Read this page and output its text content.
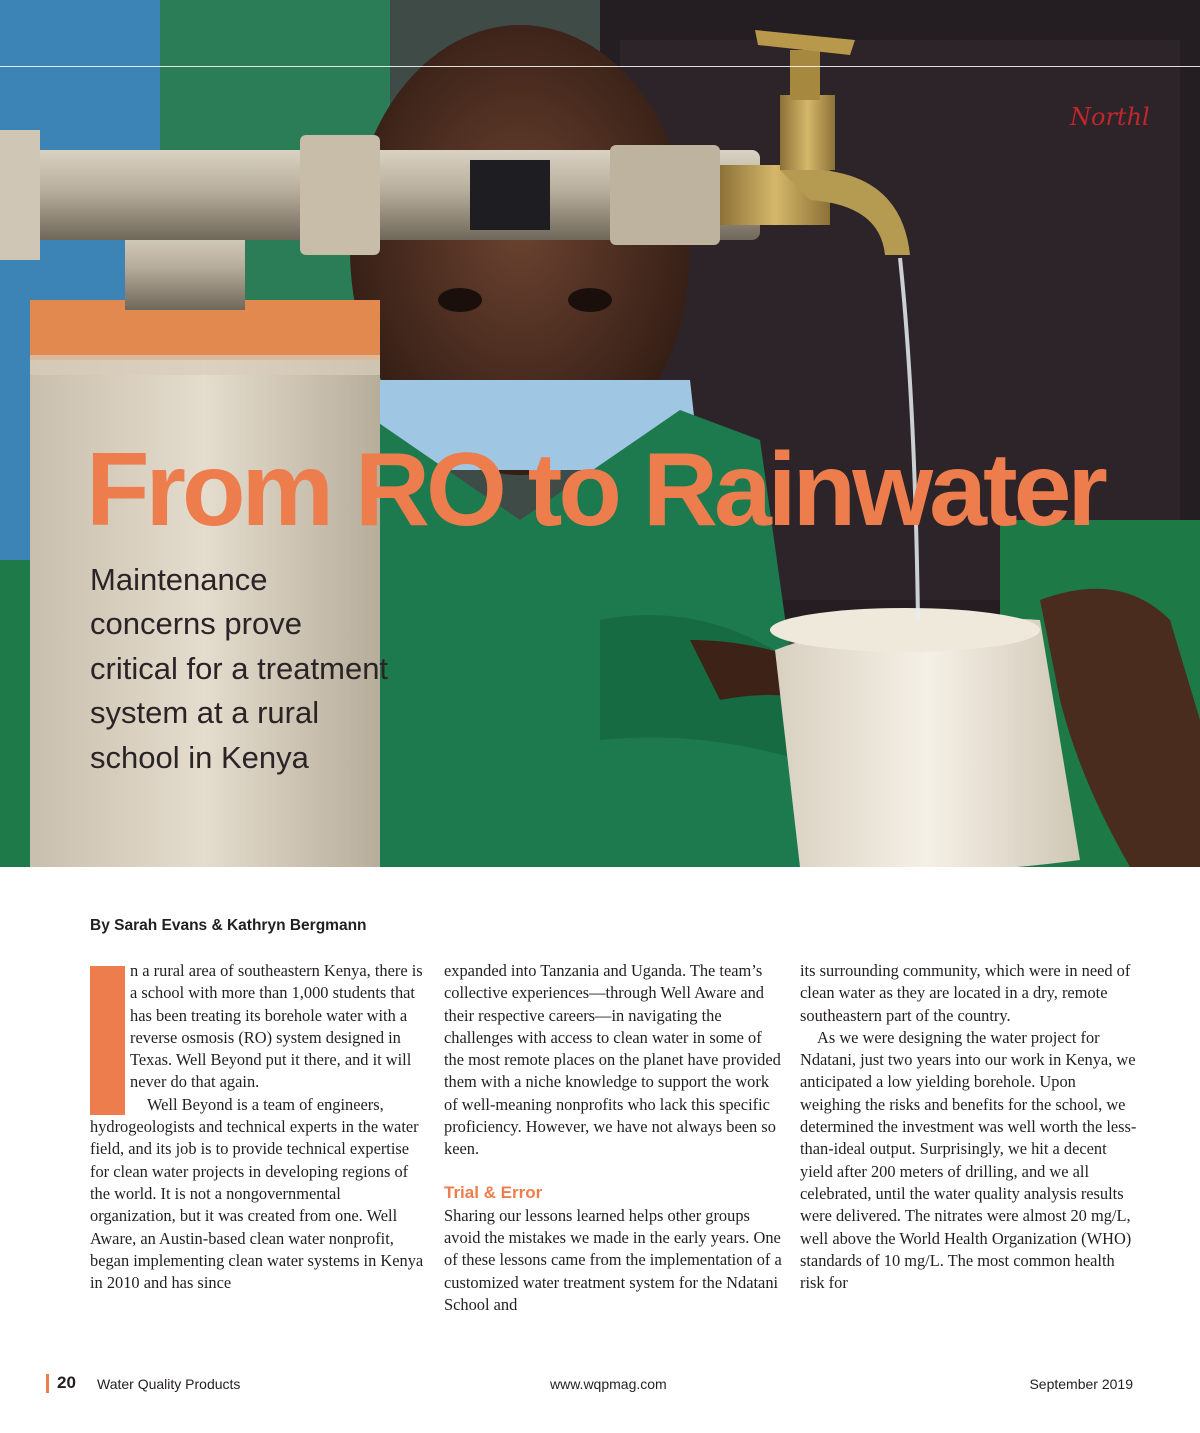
Northl
From RO to Rainwater

Maintenance concerns prove critical for a treatment system at a rural school in Kenya

By Sarah Evans & Kathryn Bergmann

n a rural area of southeastern Kenya, there is a school with more than 1,000 students that has been treating its borehole water with a reverse osmosis (RO) system designed in Texas. Well Beyond put it there, and it will never do that again.

Well Beyond is a team of engineers, hydrogeologists and technical experts in the water field, and its job is to provide technical expertise for clean water projects in developing regions of the world. It is not a nongovernmental organization, but it was created from one. Well Aware, an Austin-based clean water nonprofit, began implementing clean water systems in Kenya in 2010 and has since

expanded into Tanzania and Uganda. The team’s collective experiences—through Well Aware and their respective careers—in navigating the challenges with access to clean water in some of the most remote places on the planet have provided them with a niche knowledge to support the work of well-meaning nonprofits who lack this specific proficiency. However, we have not always been so keen.

Trial & Error

Sharing our lessons learned helps other groups avoid the mistakes we made in the early years. One of these lessons came from the implementation of a customized water treatment system for the Ndatani School and

its surrounding community, which were in need of clean water as they are located in a dry, remote southeastern part of the country.

As we were designing the water project for Ndatani, just two years into our work in Kenya, we anticipated a low yielding borehole. Upon weighing the risks and benefits for the school, we determined the investment was well worth the less-than-ideal output. Surprisingly, we hit a decent yield after 200 meters of drilling, and we all celebrated, until the water quality analysis results were delivered. The nitrates were almost 20 mg/L, well above the World Health Organization (WHO) standards of 10 mg/L. The most common health risk for

20 Water Quality Products	www.wqpmag.com	September 2019
